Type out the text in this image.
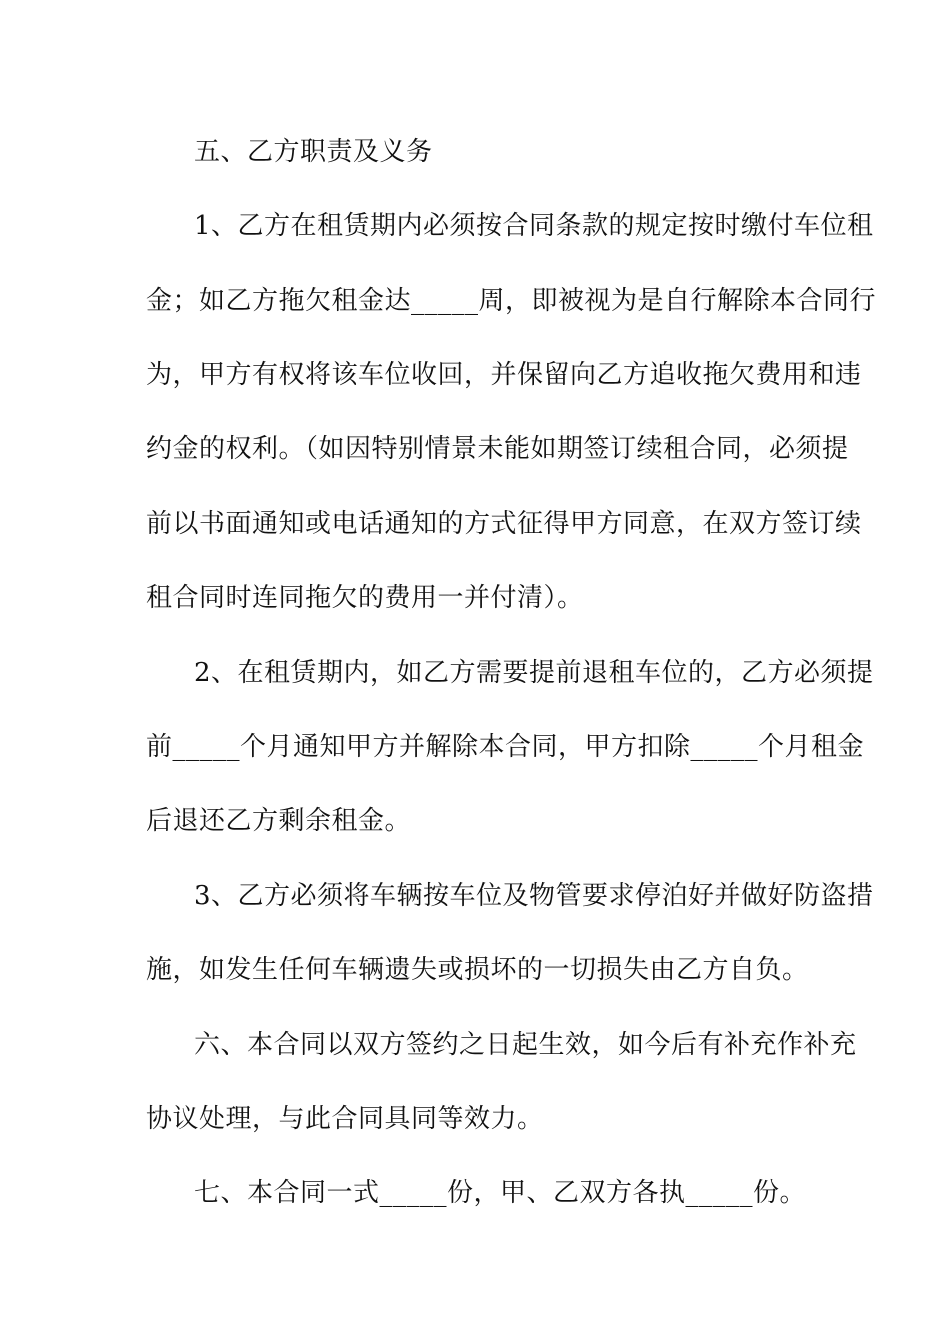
五、乙方职责及义务
1、乙方在租赁期内必须按合同条款的规定按时缴付车位租
金；如乙方拖欠租金达_____周，即被视为是自行解除本合同行
为，甲方有权将该车位收回，并保留向乙方追收拖欠费用和违
约金的权利。（如因特别情景未能如期签订续租合同，必须提
前以书面通知或电话通知的方式征得甲方同意，在双方签订续
租合同时连同拖欠的费用一并付清）。
2、在租赁期内，如乙方需要提前退租车位的，乙方必须提
前_____个月通知甲方并解除本合同，甲方扣除_____个月租金
后退还乙方剩余租金。
3、乙方必须将车辆按车位及物管要求停泊好并做好防盗措
施，如发生任何车辆遗失或损坏的一切损失由乙方自负。
六、本合同以双方签约之日起生效，如今后有补充作补充
协议处理，与此合同具同等效力。
七、本合同一式_____份，甲、乙双方各执_____份。
